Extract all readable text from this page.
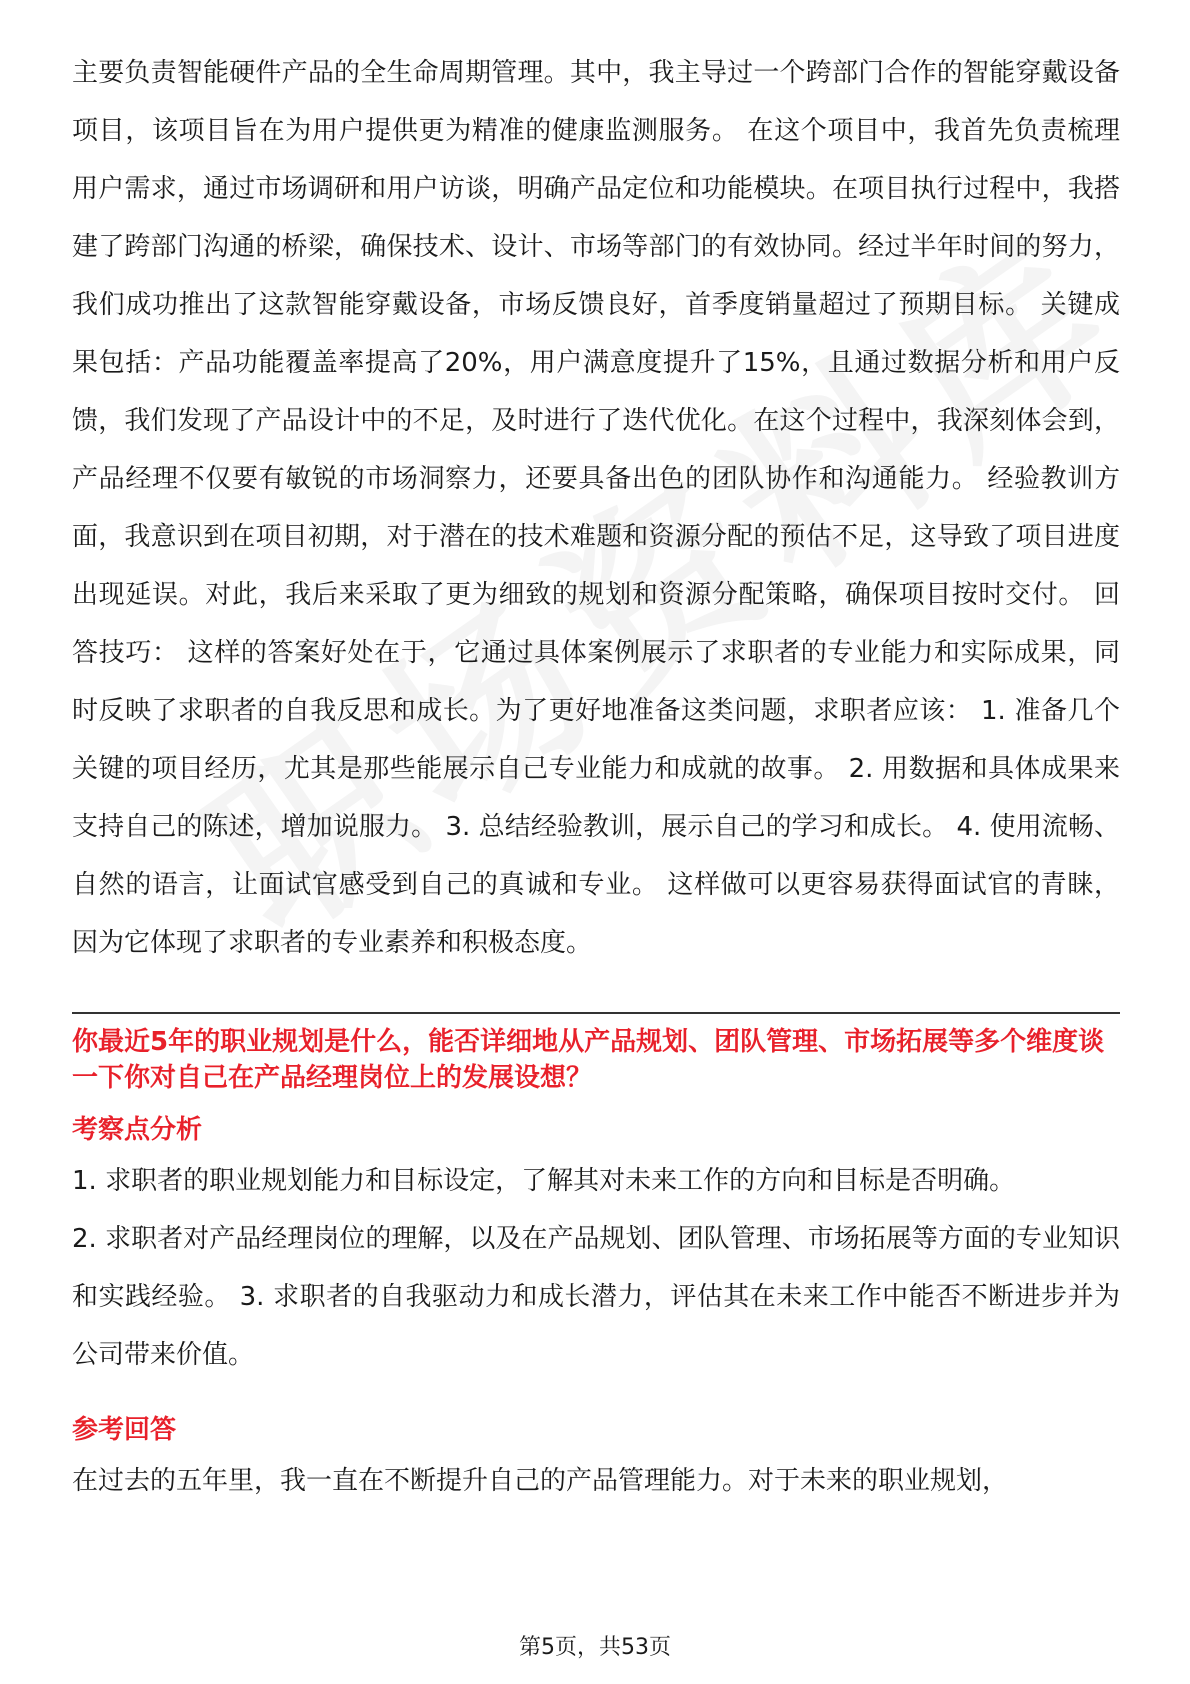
主要负责智能硬件产品的全生命周期管理。其中，我主导过一个跨部门合作的智能穿戴设备项目，该项目旨在为用户提供更为精准的健康监测服务。 在这个项目中，我首先负责梳理用户需求，通过市场调研和用户访谈，明确产品定位和功能模块。在项目执行过程中，我搭建了跨部门沟通的桥梁，确保技术、设计、市场等部门的有效协同。经过半年时间的努力，我们成功推出了这款智能穿戴设备，市场反馈良好，首季度销量超过了预期目标。 关键成果包括：产品功能覆盖率提高了20%，用户满意度提升了15%，且通过数据分析和用户反馈，我们发现了产品设计中的不足，及时进行了迭代优化。在这个过程中，我深刻体会到，产品经理不仅要有敏锐的市场洞察力，还要具备出色的团队协作和沟通能力。 经验教训方面，我意识到在项目初期，对于潜在的技术难题和资源分配的预估不足，这导致了项目进度出现延误。对此，我后来采取了更为细致的规划和资源分配策略，确保项目按时交付。 回答技巧： 这样的答案好处在于，它通过具体案例展示了求职者的专业能力和实际成果，同时反映了求职者的自我反思和成长。为了更好地准备这类问题，求职者应该： 1. 准备几个关键的项目经历，尤其是那些能展示自己专业能力和成就的故事。 2. 用数据和具体成果来支持自己的陈述，增加说服力。 3. 总结经验教训，展示自己的学习和成长。 4. 使用流畅、自然的语言，让面试官感受到自己的真诚和专业。 这样做可以更容易获得面试官的青睐，因为它体现了求职者的专业素养和积极态度。

你最近5年的职业规划是什么，能否详细地从产品规划、团队管理、市场拓展等多个维度谈一下你对自己在产品经理岗位上的发展设想？
考察点分析

1. 求职者的职业规划能力和目标设定，了解其对未来工作的方向和目标是否明确。

2. 求职者对产品经理岗位的理解，以及在产品规划、团队管理、市场拓展等方面的专业知识和实践经验。 3. 求职者的自我驱动力和成长潜力，评估其在未来工作中能否不断进步并为公司带来价值。

参考回答

在过去的五年里，我一直在不断提升自己的产品管理能力。对于未来的职业规划，

第5页，共53页
